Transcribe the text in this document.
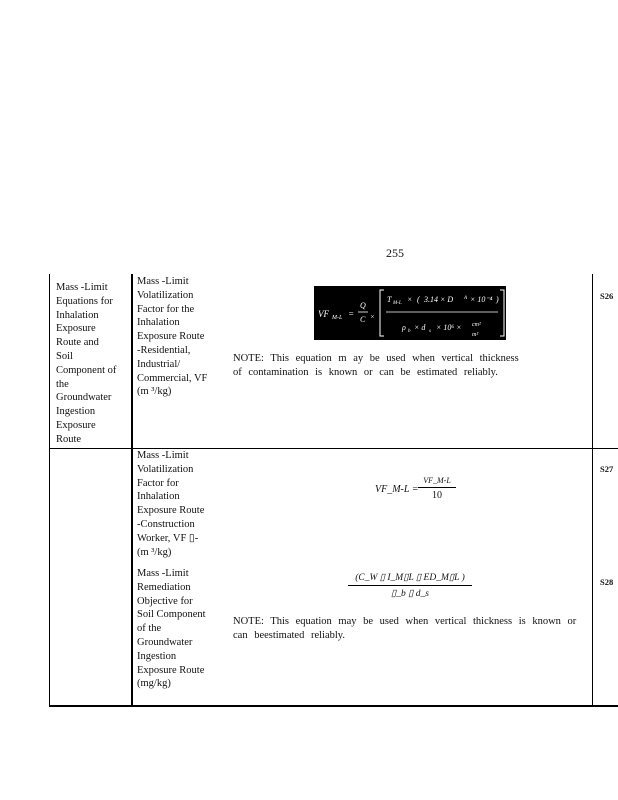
255
Mass -Limit
Equations for
Inhalation
Exposure
Route and
Soil
Component of
the
Groundwater
Ingestion
Exposure
Route
Mass -Limit
Volatilization
Factor for the
Inhalation
Exposure Route
-Residential,
Industrial/
Commercial, VF
(m ³/kg)
VF M-L =
Q
C ×
T M-L × ( 3.14 × D A × 10⁻⁴ )
ρ b × d s × 10⁶ × cm²
m²
NOTE: This equation m ay be used when vertical thickness of contamination is known or can be estimated reliably.
S26
Mass -Limit
Volatilization
Factor for
Inhalation
Exposure Route
-Construction
Worker, VF ▯-
(m ³/kg)
VF_M-L =
VF_M-L
10
S27
Mass -Limit
Remediation
Objective for
Soil Component
of the
Groundwater
Ingestion
Exposure Route
(mg/kg)
(C_W ▯ I_M▯L ▯ ED_M▯L )
▯_b ▯ d_s
NOTE: This equation may be used when vertical thickness is known or can beestimated reliably.
S28
